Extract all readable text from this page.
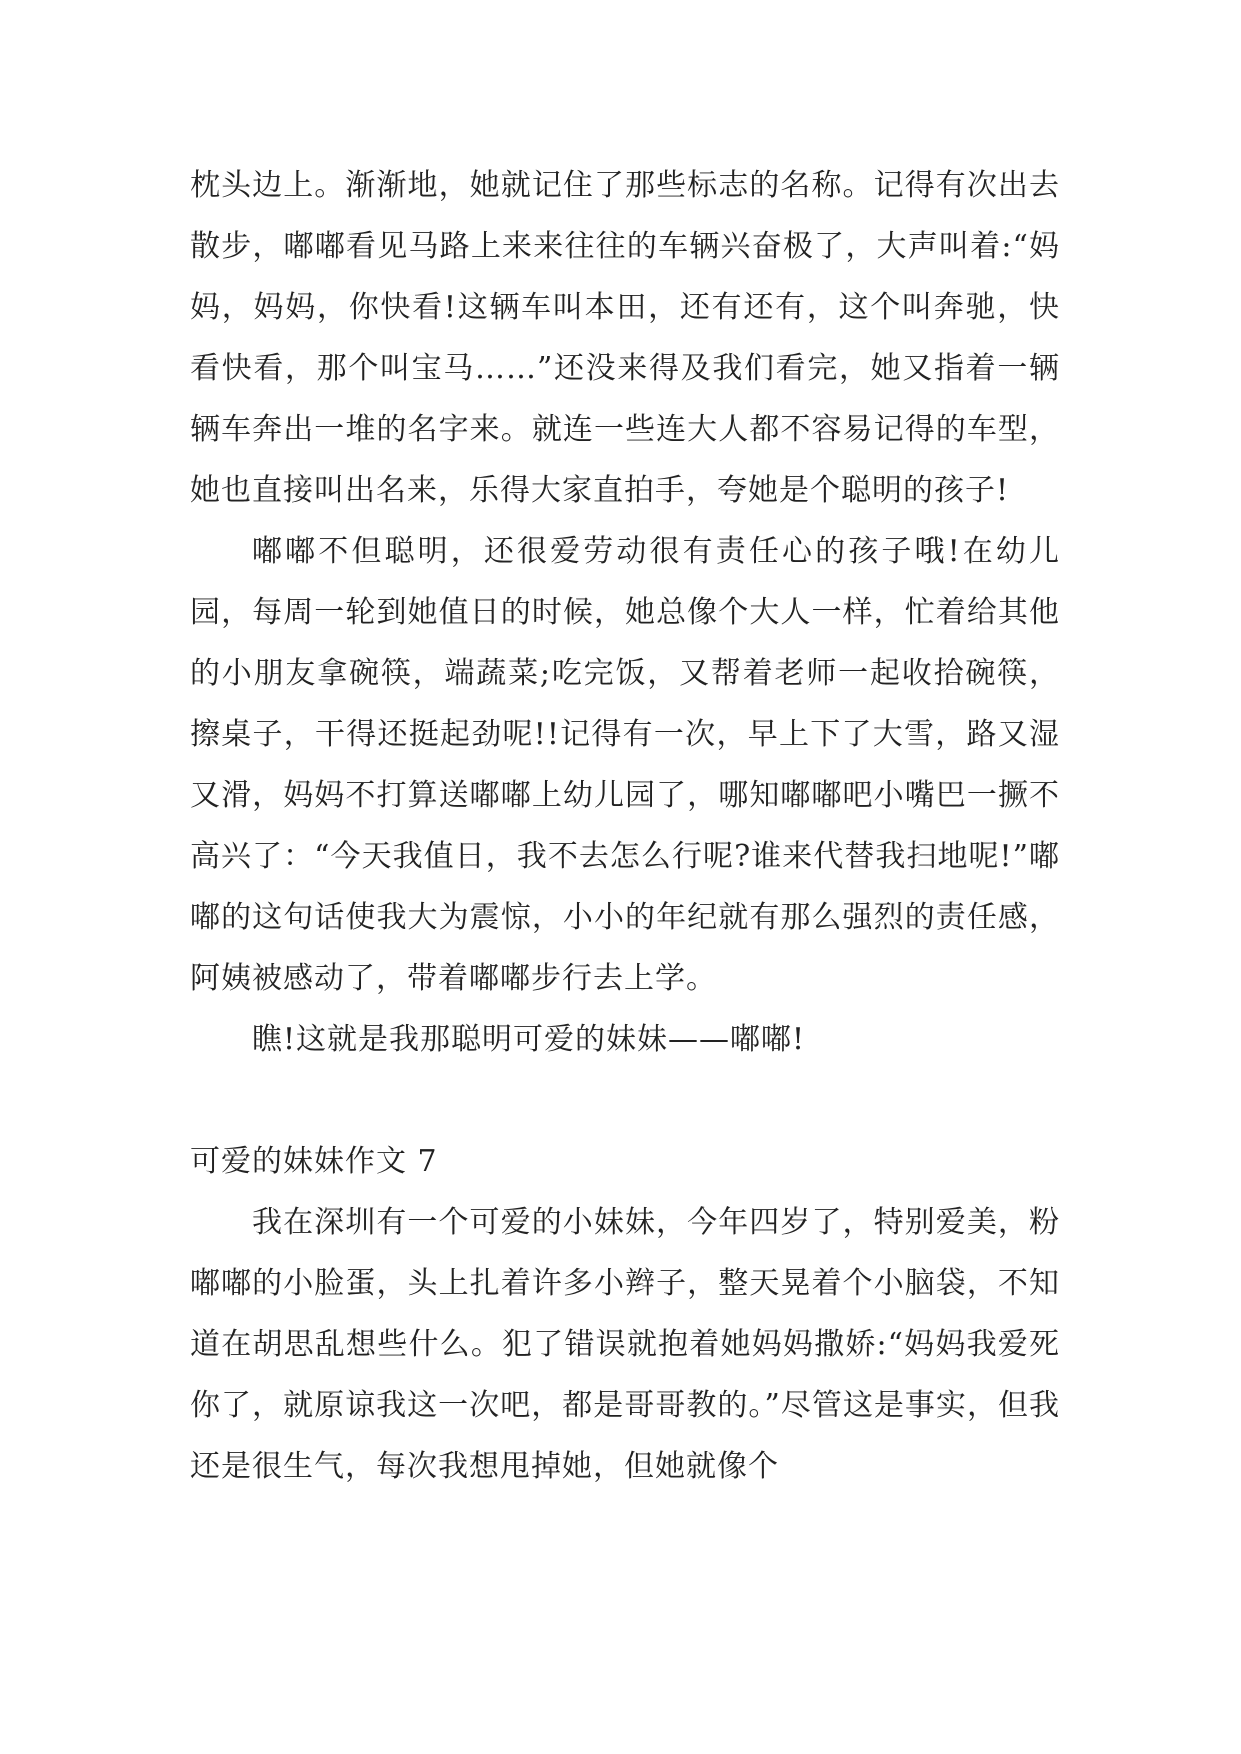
枕头边上。渐渐地，她就记住了那些标志的名称。记得有次出去散步，嘟嘟看见马路上来来往往的车辆兴奋极了，大声叫着:“妈妈，妈妈，你快看!这辆车叫本田，还有还有，这个叫奔驰，快看快看，那个叫宝马……”还没来得及我们看完，她又指着一辆辆车奔出一堆的名字来。就连一些连大人都不容易记得的车型，她也直接叫出名来，乐得大家直拍手，夸她是个聪明的孩子!

嘟嘟不但聪明，还很爱劳动很有责任心的孩子哦!在幼儿园，每周一轮到她值日的时候，她总像个大人一样，忙着给其他的小朋友拿碗筷，端蔬菜;吃完饭，又帮着老师一起收拾碗筷，擦桌子，干得还挺起劲呢!!记得有一次，早上下了大雪，路又湿又滑，妈妈不打算送嘟嘟上幼儿园了，哪知嘟嘟吧小嘴巴一撅不高兴了：“今天我值日，我不去怎么行呢?谁来代替我扫地呢!”嘟嘟的这句话使我大为震惊，小小的年纪就有那么强烈的责任感，阿姨被感动了，带着嘟嘟步行去上学。

瞧!这就是我那聪明可爱的妹妹——嘟嘟!

可爱的妹妹作文 7

我在深圳有一个可爱的小妹妹，今年四岁了，特别爱美，粉嘟嘟的小脸蛋，头上扎着许多小辫子，整天晃着个小脑袋，不知道在胡思乱想些什么。犯了错误就抱着她妈妈撒娇:“妈妈我爱死你了，就原谅我这一次吧，都是哥哥教的。”尽管这是事实，但我还是很生气，每次我想甩掉她，但她就像个
